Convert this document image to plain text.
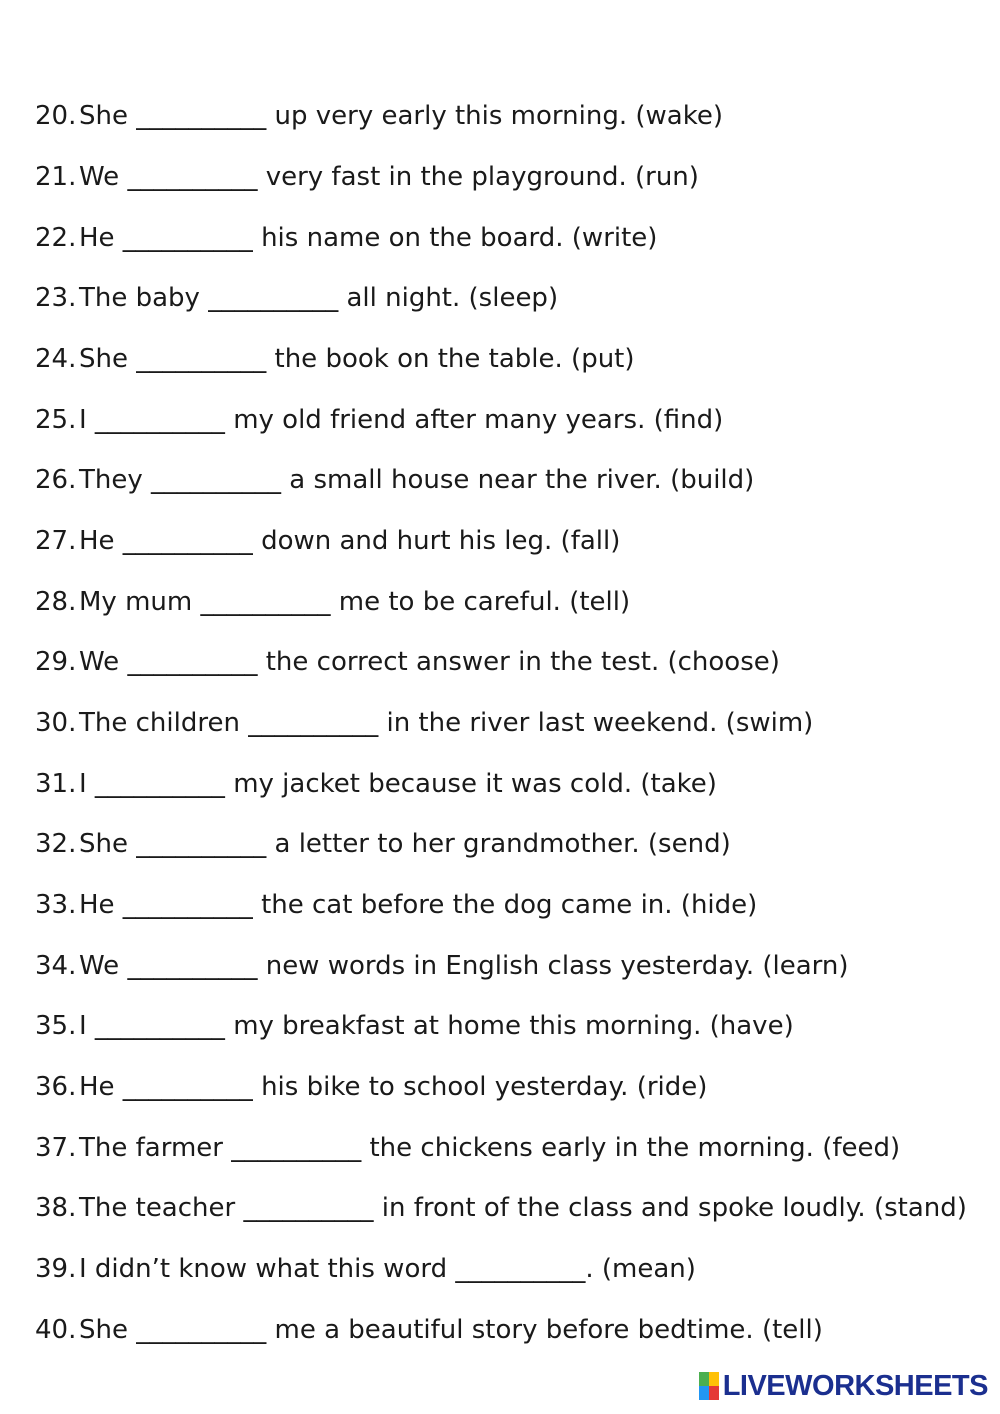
20. She __________ up very early this morning. (wake)
21. We __________ very fast in the playground. (run)
22. He __________ his name on the board. (write)
23. The baby __________ all night. (sleep)
24. She __________ the book on the table. (put)
25. I __________ my old friend after many years. (find)
26. They __________ a small house near the river. (build)
27. He __________ down and hurt his leg. (fall)
28. My mum __________ me to be careful. (tell)
29. We __________ the correct answer in the test. (choose)
30. The children __________ in the river last weekend. (swim)
31. I __________ my jacket because it was cold. (take)
32. She __________ a letter to her grandmother. (send)
33. He __________ the cat before the dog came in. (hide)
34. We __________ new words in English class yesterday. (learn)
35. I __________ my breakfast at home this morning. (have)
36. He __________ his bike to school yesterday. (ride)
37. The farmer __________ the chickens early in the morning. (feed)
38. The teacher __________ in front of the class and spoke loudly. (stand)
39. I didn’t know what this word __________. (mean)
40. She __________ me a beautiful story before bedtime. (tell)
LIVEWORKSHEETS
